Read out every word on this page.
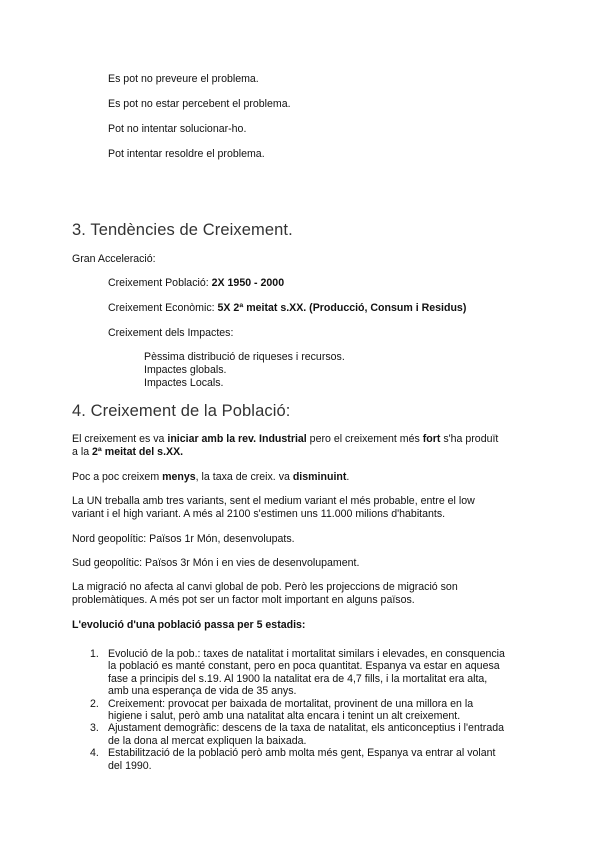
Es pot no preveure el problema.
Es pot no estar percebent el problema.
Pot no intentar solucionar-ho.
Pot intentar resoldre el problema.
3. Tendències de Creixement.
Gran Acceleració:
Creixement Població: 2X 1950 - 2000
Creixement Econòmic: 5X 2ª meitat s.XX. (Producció, Consum i Residus)
Creixement dels Impactes:
Pèssima distribució de riqueses i recursos.
Impactes globals.
Impactes Locals.
4. Creixement de la Població:
El creixement es va iniciar amb la rev. Industrial pero el creixement més fort s'ha produït
a la 2ª meitat del s.XX.
Poc a poc creixem menys, la taxa de creix. va disminuint.
La UN treballa amb tres variants, sent el medium variant el més probable, entre el low
variant i el high variant. A més al 2100 s'estimen uns 11.000 milions d'habitants.
Nord geopolític: Països 1r Món, desenvolupats.
Sud geopolític: Països 3r Món i en vies de desenvolupament.
La migració no afecta al canvi global de pob. Però les projeccions de migració son
problemàtiques. A més pot ser un factor molt important en alguns països.
L'evolució d'una població passa per 5 estadis:
1. Evolució de la pob.: taxes de natalitat i mortalitat similars i elevades, en consquencia
la població es manté constant, pero en poca quantitat. Espanya va estar en aquesa
fase a principis del s.19. Al 1900 la natalitat era de 4,7 fills, i la mortalitat era alta,
amb una esperança de vida de 35 anys.
2. Creixement: provocat per baixada de mortalitat, provinent de una millora en la
higiene i salut, però amb una natalitat alta encara i tenint un alt creixement.
3. Ajustament demogràfic: descens de la taxa de natalitat, els anticonceptius i l'entrada
de la dona al mercat expliquen la baixada.
4. Estabilització de la població però amb molta més gent, Espanya va entrar al volant
del 1990.
